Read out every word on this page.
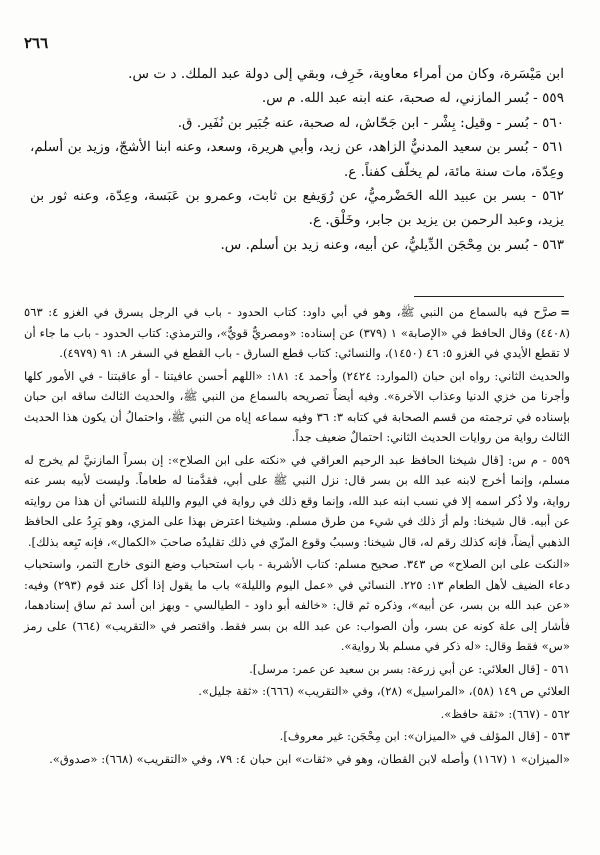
٢٦٦

ابن مَيْسَرة، وكان من أمراء معاوية، خَرِف، وبقي إلى دولة عبد الملك. د ت س.

٥٥٩ - بُسر المازني، له صحبة، عنه ابنه عبد الله. م س.

٥٦٠ - بُسر - وقيل: بِشْر - ابن جَحّاش، له صحبة، عنه جُبَير بن نُفَير. ق.

٥٦١ - بُسر بن سعيد المدنيُّ الزاهد، عن زيد، وأبي هريرة، وسعد، وعنه ابنا الأشجّ، وزيد بن أسلم، وعِدّة، مات سنة مائة، لم يخلّف كفناً. ع.

٥٦٢ - بسر بن عبيد الله الحَضْرميُّ، عن رُوَيفع بن ثابت، وعمرو بن عَبَسة، وعِدّة، وعنه ثور بن يزيد، وعبد الرحمن بن يزيد بن جابر، وخَلْق. ع.

٥٦٣ - بُسر بن مِحْجَن الدِّيليُّ، عن أبيه، وعنه زيد بن أسلم. س.

=صرَّح فيه بالسماع من النبي ﷺ، وهو في أبي داود: كتاب الحدود - باب في الرجل يسرق في الغزو ٤: ٥٦٣ (٤٤٠٨) وقال الحافظ في «الإصابة» ١ (٣٧٩) عن إسناده: «ومصريٌّ قويٌّ»، والترمذي: كتاب الحدود - باب ما جاء أن لا تقطع الأيدي في الغزو ٥: ٤٦ (١٤٥٠)، والنسائي: كتاب قطع السارق - باب القطع في السفر ٨: ٩١ (٤٩٧٩).

والحديث الثاني: رواه ابن حبان (الموارد: ٢٤٢٤) وأحمد ٤: ١٨١: «اللهم أحسن عافيتنا - أو عاقبتنا - في الأمور كلها وأجرنا من خزي الدنيا وعذاب الآخرة». وفيه أيضاً تصريحه بالسماع من النبي ﷺ، والحديث الثالث ساقه ابن حبان بإسناده في ترجمته من قسم الصحابة في كتابه ٣: ٣٦ وفيه سماعه إياه من النبي ﷺ، واحتمالُ أن يكون هذا الحديث الثالث رواية من روايات الحديث الثاني: احتمالٌ ضعيف جداً.

٥٥٩ - م س: [قال شيخنا الحافظ عبد الرحيم العراقي في «نكته على ابن الصلاح»: إن بسراً المازنيَّ لم يخرج له مسلم، وإنما أخرج لابنه عبد الله بن بسر قال: نزل النبي ﷺ على أبي، فقدَّمنا له طعاماً. وليست لأبيه بسر عنه رواية، ولا ذُكر اسمه إلا في نسب ابنه عبد الله، وإنما وقع ذلك في رواية في اليوم والليلة للنسائي أن هذا من روايته عن أبيه. قال شيخنا: ولم أرَ ذلك في شيء من طرق مسلم. وشيخنا اعترض بهذا على المزي، وهو يَرِدُ على الحافظ الذهبي أيضاً، فإنه كذلك رقم له، قال شيخنا: وسببُ وقوع المزّي في ذلك تقليدُه صاحبَ «الكمال»، فإنه تَبِعه بذلك].

«النكت على ابن الصلاح» ص ٣٤٣. صحيح مسلم: كتاب الأشربة - باب استحباب وضع النوى خارج التمر، واستحباب دعاء الضيف لأهل الطعام ١٣: ٢٢٥. النسائي في «عمل اليوم والليلة» باب ما يقول إذا أكل عند قوم (٢٩٣) وفيه: «عن عبد الله بن بسر، عن أبيه»، وذكره ثم قال: «خالفه أبو داود - الطيالسي - وبهز ابن أسد ثم ساق إسنادهما، فأشار إلى علة كونه عن بسر، وأن الصواب: عن عبد الله بن بسر فقط. واقتصر في «التقريب» (٦٦٤) على رمز «س» فقط وقال: «له ذكر في مسلم بلا رواية».

٥٦١ - [قال العلائي: عن أبي زرعة: بسر بن سعيد عن عمر: مرسل].

العلائي ص ١٤٩ (٥٨)، «المراسيل» (٢٨)، وفي «التقريب» (٦٦٦): «ثقة جليل».

٥٦٢ - (٦٦٧): «ثقة حافظ».

٥٦٣ - [قال المؤلف في «الميزان»: ابن مِحْجَن: غير معروف].

«الميزان» ١ (١١٦٧) وأصله لابن القطان، وهو في «ثقات» ابن حبان ٤: ٧٩، وفي «التقريب» (٦٦٨): «صدوق».
